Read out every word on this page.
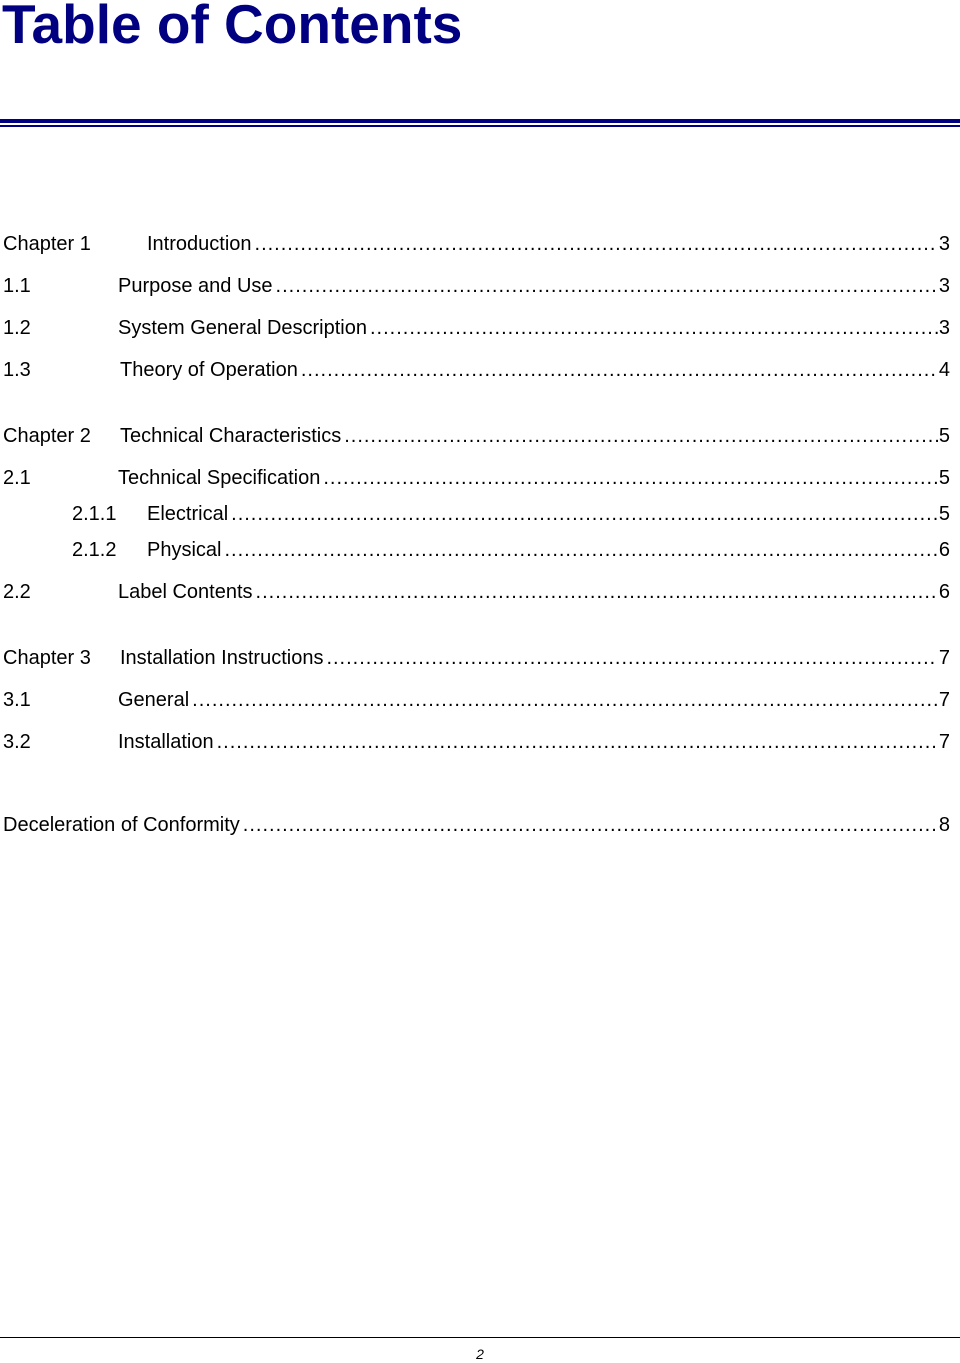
Table of Contents
Chapter 1	Introduction .....	3
1.1	Purpose and Use .....	3
1.2	System General Description .....	3
1.3	Theory of Operation .....	4
Chapter 2 Technical Characteristics .....	5
2.1	Technical Specification .....	5
2.1.1 Electrical .....	5
2.1.2 Physical .....	6
2.2	Label Contents .....	6
Chapter 3 Installation Instructions .....	7
3.1	General .....	7
3.2	Installation .....	7
Deceleration of Conformity .....	8
2
